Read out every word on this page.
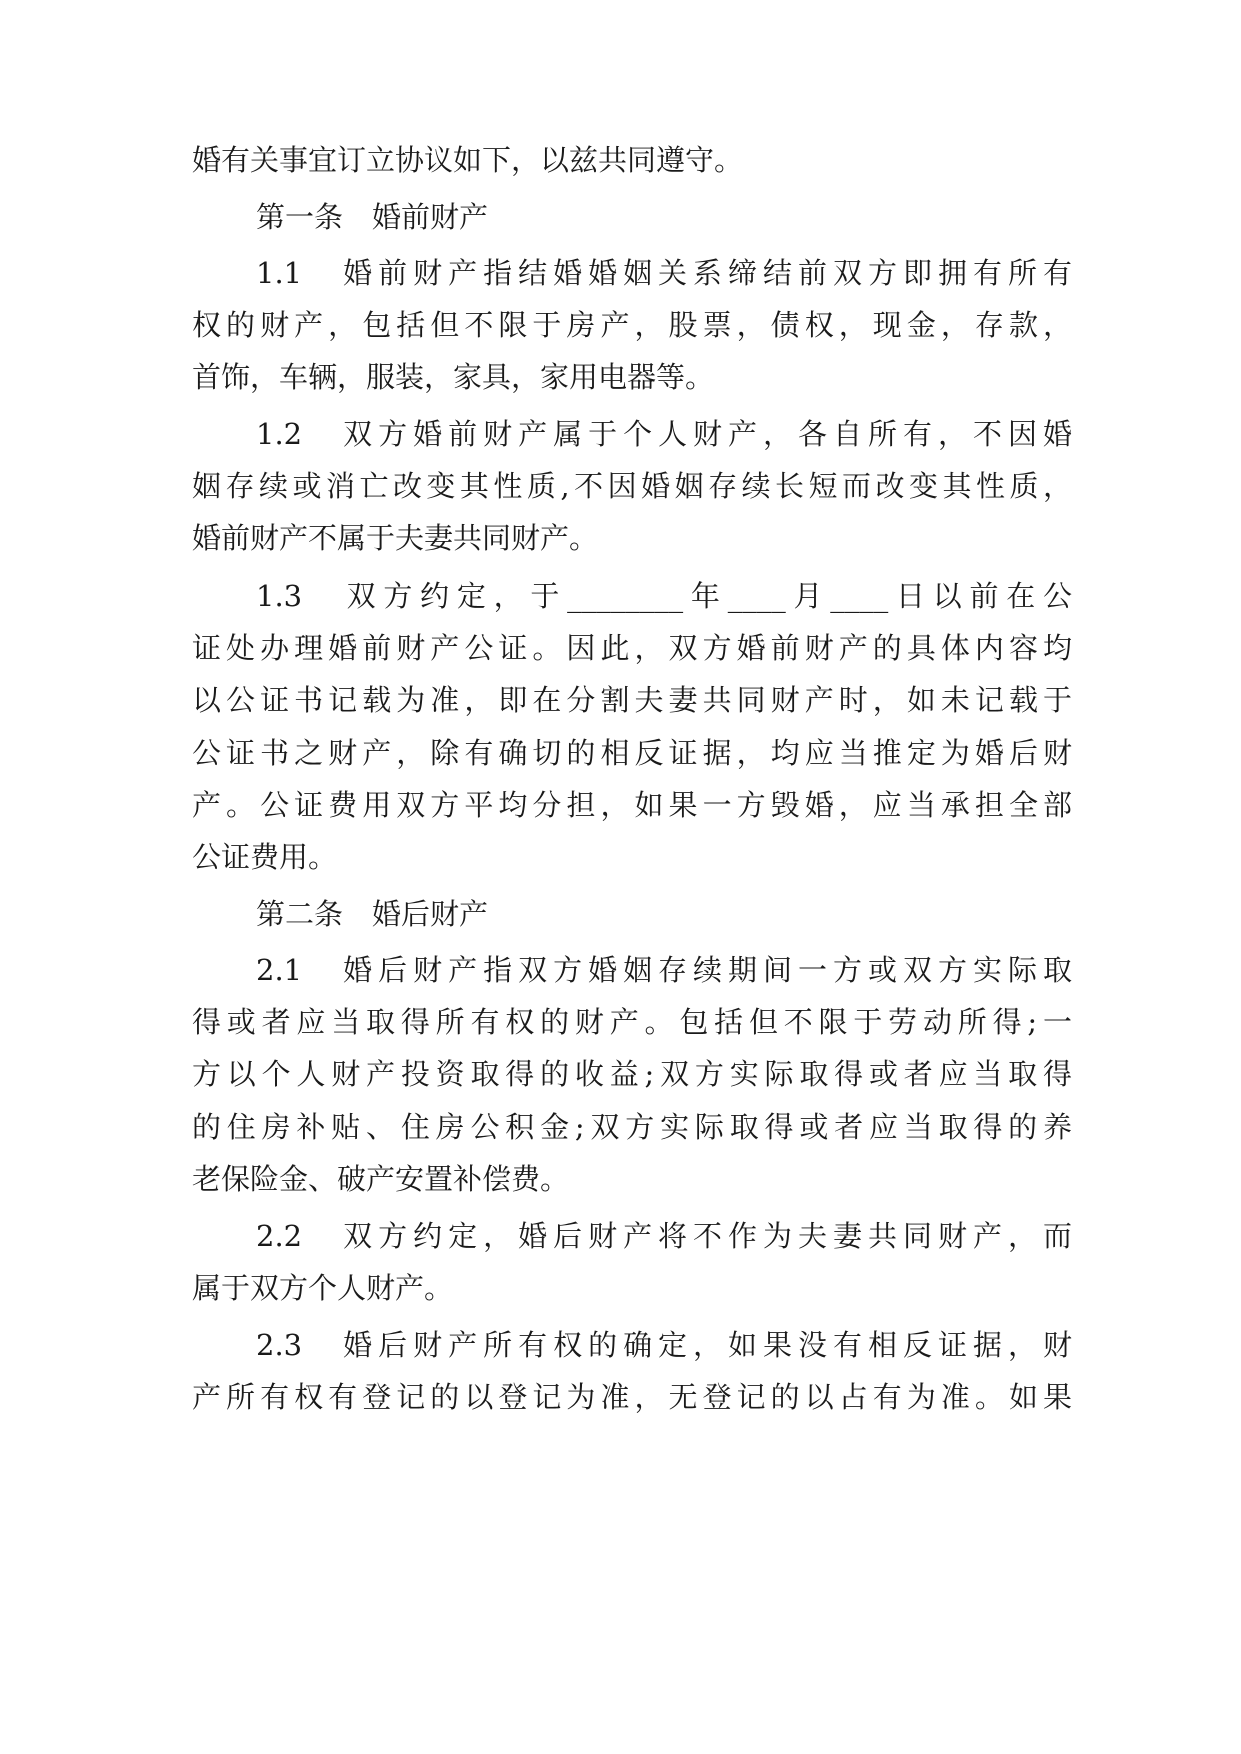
婚有关事宜订立协议如下，以兹共同遵守。
第一条　婚前财产
1.1　婚前财产指结婚婚姻关系缔结前双方即拥有所有
权的财产，包括但不限于房产，股票，债权，现金，存款，
首饰，车辆，服装，家具，家用电器等。
1.2　双方婚前财产属于个人财产，各自所有，不因婚
姻存续或消亡改变其性质,不因婚姻存续长短而改变其性质，
婚前财产不属于夫妻共同财产。
1.3　双方约定，于________年____月____日以前在公
证处办理婚前财产公证。因此，双方婚前财产的具体内容均
以公证书记载为准，即在分割夫妻共同财产时，如未记载于
公证书之财产，除有确切的相反证据，均应当推定为婚后财
产。公证费用双方平均分担，如果一方毁婚，应当承担全部
公证费用。
第二条　婚后财产
2.1　婚后财产指双方婚姻存续期间一方或双方实际取
得或者应当取得所有权的财产。包括但不限于劳动所得;一
方以个人财产投资取得的收益;双方实际取得或者应当取得
的住房补贴、住房公积金;双方实际取得或者应当取得的养
老保险金、破产安置补偿费。
2.2　双方约定，婚后财产将不作为夫妻共同财产，而
属于双方个人财产。
2.3　婚后财产所有权的确定，如果没有相反证据，财
产所有权有登记的以登记为准，无登记的以占有为准。如果
